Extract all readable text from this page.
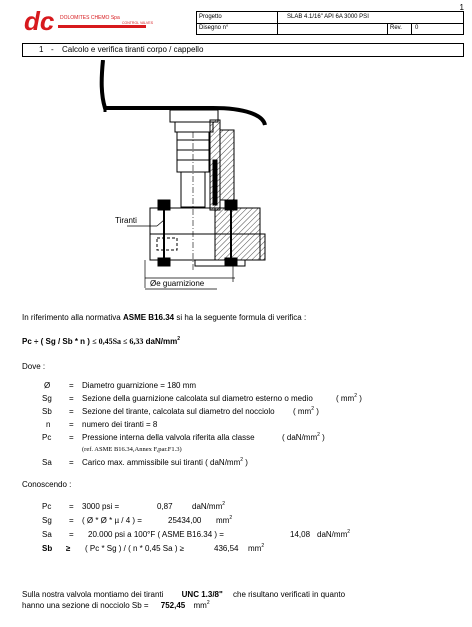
1
dc DOLOMITES CHEMO Spa
CONTROL VALVES
Progetto	SLAB 4.1/16" API 6A 3000 PSI
Disegno n°	Rev. 0
1 - Calcolo e verifica tiranti corpo / cappello
Tiranti
Øe guarnizione
In riferimento alla normativa ASME B16.34 si ha la seguente formula di verifica :
Pc ÷ ( Sg / Sb * n ) ≤ 0,45Sa ≤ 6,33 daN/$mm^2$
Dove :
Ø = Diametro guarnizione = 180 mm
Sg = Sezione della guarnizione calcolata sul diametro esterno o medio	( $mm^2$ )
Sb = Sezione del tirante, calcolata sul diametro del nocciolo ( $mm^2$ )
n = numero dei tiranti = 8
Pc = Pressione interna della valvola riferita alla classe	( daN/$mm^2$ )
(ref. ASME B16.34,Annex F,par.F1.3)
Sa = Carico max. ammissibile sui tiranti ( daN/$mm^2$ )
Conoscendo :
Pc = 3000 psi =	0,87 daN/$mm^2$
Sg = ( Ø * Ø * µ / 4 ) =	25434,00 $mm^2$
Sa = 20.000 psi a 100°F ( ASME B16.34 ) =	14,08 daN/$mm^2$
Sb ≥ ( Pc * Sg ) / ( n * 0,45 Sa ) ≥	436,54 $mm^2$
Sulla nostra valvola montiamo dei tiranti UNC 1.3/8" che risultano verificati in quanto
hanno una sezione di nocciolo Sb = 752,45 $mm^2$
